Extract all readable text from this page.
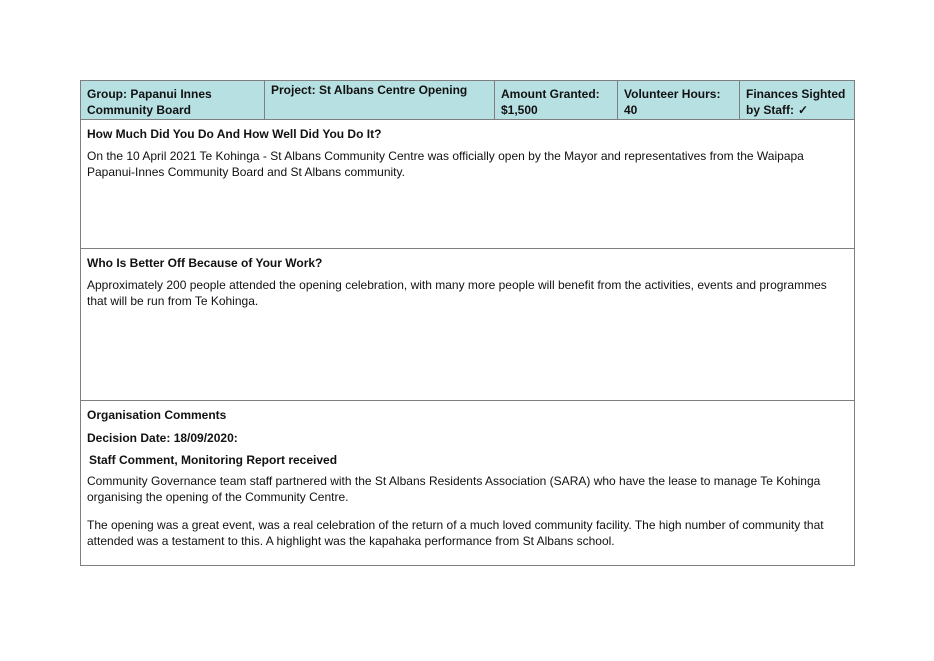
Group: Papanui Innes Community Board
Project: St Albans Centre Opening	Amount Granted: $1,500
Volunteer Hours: 40
Finances Sighted by Staff: ✓

How Much Did You Do And How Well Did You Do It?

On the 10 April 2021 Te Kohinga - St Albans Community Centre was officially open by the Mayor and representatives from the Waipapa Papanui-Innes Community Board and St Albans community.

Who Is Better Off Because of Your Work?

Approximately 200 people attended the opening celebration, with many more people will benefit from the activities, events and programmes that will be run from Te Kohinga.

Organisation Comments

Decision Date: 18/09/2020:

Staff Comment, Monitoring Report received

Community Governance team staff partnered with the St Albans Residents Association (SARA) who have the lease to manage Te Kohinga organising the opening of the Community Centre.

The opening was a great event, was a real celebration of the return of a much loved community facility. The high number of community that attended was a testament to this. A highlight was the kapahaka performance from St Albans school.
